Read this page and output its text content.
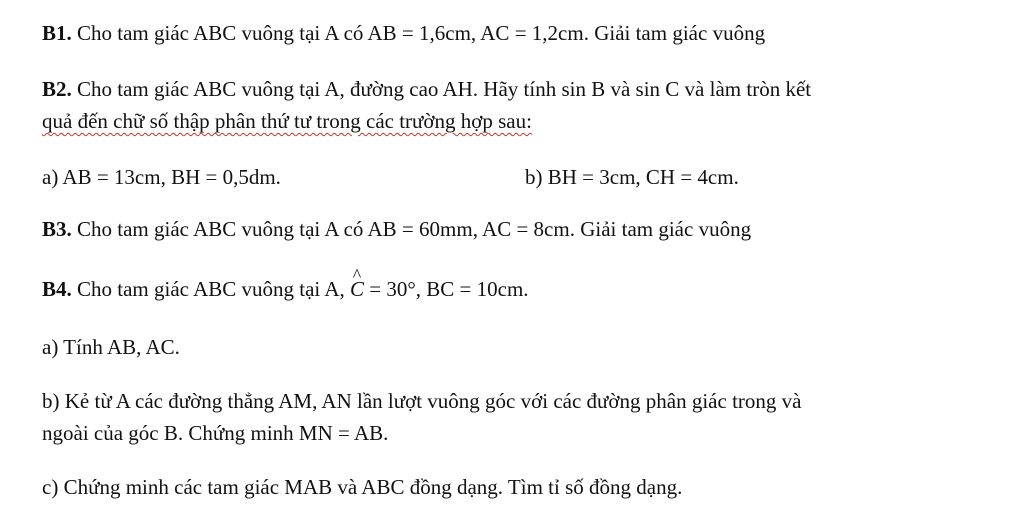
B1. Cho tam giác ABC vuông tại A có AB = 1,6cm, AC = 1,2cm. Giải tam giác vuông
B2. Cho tam giác ABC vuông tại A, đường cao AH. Hãy tính sin B và sin C và làm tròn kết
quả đến chữ số thập phân thứ tư trong các trường hợp sau:
a) AB = 13cm, BH = 0,5dm.	b) BH = 3cm, CH = 4cm.
B3. Cho tam giác ABC vuông tại A có AB = 60mm, AC = 8cm. Giải tam giác vuông
B4. Cho tam giác ABC vuông tại A, ^ C = 30°, BC = 10cm.
a) Tính AB, AC.
b) Kẻ từ A các đường thẳng AM, AN lần lượt vuông góc với các đường phân giác trong và
ngoài của góc B. Chứng minh MN = AB.
c) Chứng minh các tam giác MAB và ABC đồng dạng. Tìm tỉ số đồng dạng.
